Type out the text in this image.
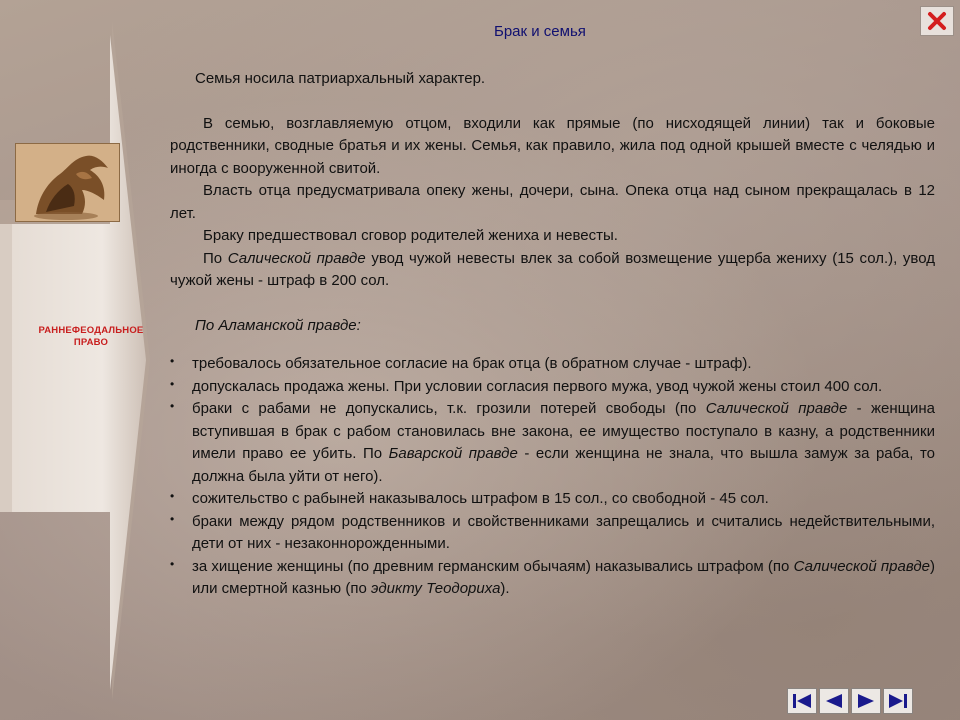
РАННЕФЕОДАЛЬНОЕ ПРАВО
Брак и семья

Семья носила патриархальный характер.

В семью, возглавляемую отцом, входили как прямые (по нисходящей линии) так и боковые родственники, сводные братья и их жены. Семья, как правило, жила под одной крышей вместе с челядью и иногда с вооруженной свитой.

Власть отца предусматривала опеку жены, дочери, сына. Опека отца над сыном прекращалась в 12 лет.

Браку предшествовал сговор родителей жениха и невесты.

По Салической правде увод чужой невесты влек за собой возмещение ущерба жениху (15 сол.), увод чужой жены - штраф в 200 сол.

По Аламанской правде:

• требовалось обязательное согласие на брак отца (в обратном случае - штраф).
• допускалась продажа жены. При условии согласия первого мужа, увод чужой жены стоил 400 сол.
• браки с рабами не допускались, т.к. грозили потерей свободы (по Салической правде - женщина вступившая в брак с рабом становилась вне закона, ее имущество поступало в казну, а родственники имели право ее убить. По Баварской правде - если женщина не знала, что вышла замуж за раба, то должна была уйти от него).
• сожительство с рабыней наказывалось штрафом в 15 сол., со свободной - 45 сол.
• браки между рядом родственников и свойственниками запрещались и считались недействительными, дети от них - незаконнорожденными.
• за хищение женщины (по древним германским обычаям) наказывались штрафом (по Салической правде) или смертной казнью (по эдикту Теодориха).
